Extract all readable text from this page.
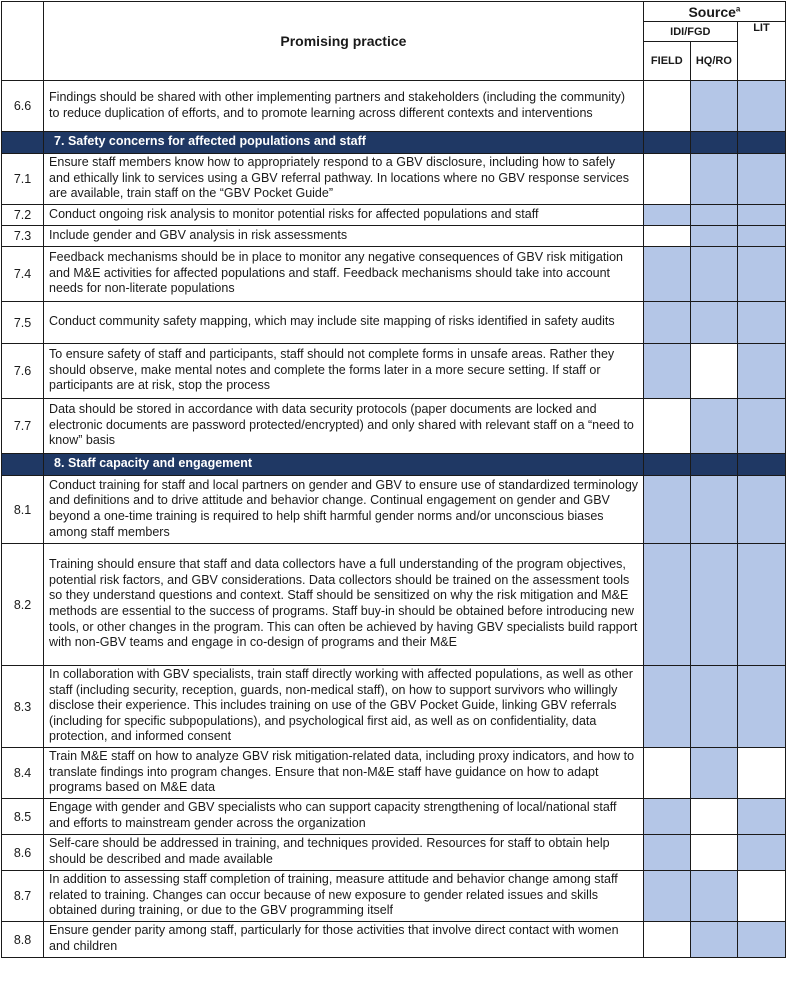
	Promising practice	Source$^a$
		IDI/FGD		LIT
		FIELD	HQ/RO	
6.6	Findings should be shared with other implementing partners and stakeholders (including the community) to reduce duplication of efforts, and to promote learning across different contexts and interventions			
	7. Safety concerns for affected populations and staff			
7.1	Ensure staff members know how to appropriately respond to a GBV disclosure, including how to safely and ethically link to services using a GBV referral pathway. In locations where no GBV response services are available, train staff on the “GBV Pocket Guide”			
7.2	Conduct ongoing risk analysis to monitor potential risks for affected populations and staff			
7.3	Include gender and GBV analysis in risk assessments			
7.4	Feedback mechanisms should be in place to monitor any negative consequences of GBV risk mitigation and M&E activities for affected populations and staff. Feedback mechanisms should take into account needs for non-literate populations			
7.5	Conduct community safety mapping, which may include site mapping of risks identified in safety audits			
7.6	To ensure safety of staff and participants, staff should not complete forms in unsafe areas. Rather they should observe, make mental notes and complete the forms later in a more secure setting. If staff or participants are at risk, stop the process			
7.7	Data should be stored in accordance with data security protocols (paper documents are locked and electronic documents are password protected/encrypted) and only shared with relevant staff on a “need to know” basis			
	8. Staff capacity and engagement			
8.1	Conduct training for staff and local partners on gender and GBV to ensure use of standardized terminology and definitions and to drive attitude and behavior change. Continual engagement on gender and GBV beyond a one-time training is required to help shift harmful gender norms and/or unconscious biases among staff members			
8.2	Training should ensure that staff and data collectors have a full understanding of the program objectives, potential risk factors, and GBV considerations. Data collectors should be trained on the assessment tools so they understand questions and context. Staff should be sensitized on why the risk mitigation and M&E methods are essential to the success of programs. Staff buy-in should be obtained before introducing new tools, or other changes in the program. This can often be achieved by having GBV specialists build rapport with non-GBV teams and engage in co-design of programs and their M&E			
8.3	In collaboration with GBV specialists, train staff directly working with affected populations, as well as other staff (including security, reception, guards, non-medical staff), on how to support survivors who willingly disclose their experience. This includes training on use of the GBV Pocket Guide, linking GBV referrals (including for specific subpopulations), and psychological first aid, as well as on confidentiality, data protection, and informed consent			
8.4	Train M&E staff on how to analyze GBV risk mitigation-related data, including proxy indicators, and how to translate findings into program changes. Ensure that non-M&E staff have guidance on how to adapt programs based on M&E data			
8.5	Engage with gender and GBV specialists who can support capacity strengthening of local/national staff and efforts to mainstream gender across the organization			
8.6	Self-care should be addressed in training, and techniques provided. Resources for staff to obtain help should be described and made available			
8.7	In addition to assessing staff completion of training, measure attitude and behavior change among staff related to training. Changes can occur because of new exposure to gender related issues and skills obtained during training, or due to the GBV programming itself			
8.8	Ensure gender parity among staff, particularly for those activities that involve direct contact with women and children			
